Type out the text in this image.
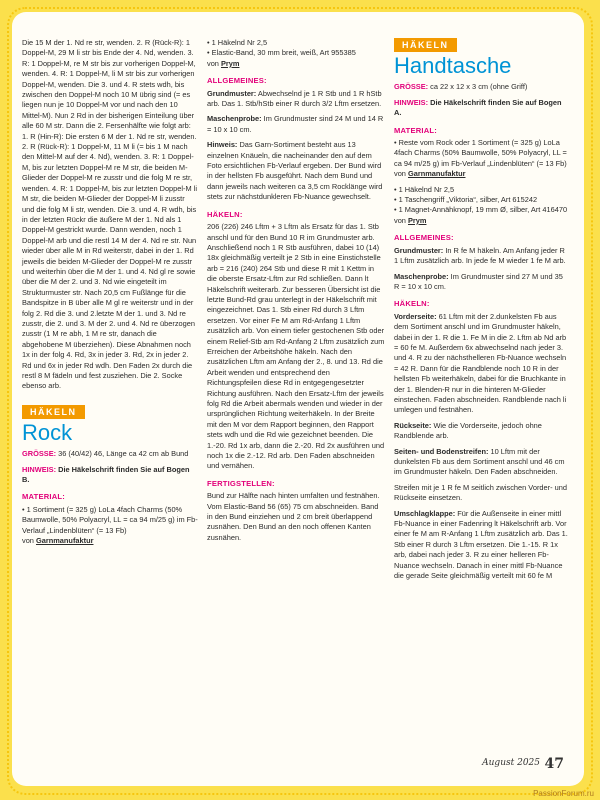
Die 15 M der 1. Nd re str, wenden. 2. R (Rück-R): 1 Doppel-M, 29 M li str bis Ende der 4. Nd, wenden. 3. R: 1 Doppel-M, re M str bis zur vorherigen Doppel-M, wenden. 4. R: 1 Doppel-M, li M str bis zur vorherigen Doppel-M, wenden. Die 3. und 4. R stets wdh, bis zwischen den Doppel-M noch 10 M übrig sind (= es liegen nun je 10 Doppel-M vor und nach den 10 Mittel-M). Nun 2 Rd in der bisherigen Einteilung über alle 60 M str. Dann die 2. Fersenhälfte wie folgt arb: 1. R (Hin-R): Die ersten 6 M der 1. Nd re str, wenden. 2. R (Rück-R): 1 Doppel-M, 11 M li (= bis 1 M nach den Mittel-M auf der 4. Nd), wenden. 3. R: 1 Doppel-M, bis zur letzten Doppel-M re M str, die beiden M-Glieder der Doppel-M re zusstr und die folg M re str, wenden. 4. R: 1 Doppel-M, bis zur letzten Doppel-M li M str, die beiden M-Glieder der Doppel-M li zusstr und die folg M li str, wenden. Die 3. und 4. R wdh, bis in der letzten Rückr die äußere M der 1. Nd als 1 Doppel-M gestrickt wurde. Dann wenden, noch 1 Doppel-M arb und die restl 14 M der 4. Nd re str. Nun wieder über alle M in Rd weiterstr, dabei in der 1. Rd jeweils die beiden M-Glieder der Doppel-M re zusstr und weiterhin über die M der 1. und 4. Nd gl re sowie über die M der 2. und 3. Nd wie eingeteilt im Strukturmuster str. Nach 20,5 cm Fußlänge für die Bandspitze in B über alle M gl re weiterstr und in der folg 2. Rd die 3. und 2.letzte M der 1. und 3. Nd re zusstr, die 2. und 3. M der 2. und 4. Nd re überzogen zusstr (1 M re abh, 1 M re str, danach die abgehobene M überziehen). Diese Abnahmen noch 1x in der folg 4. Rd, 3x in jeder 3. Rd, 2x in jeder 2. Rd und 6x in jeder Rd wdh. Den Faden 2x durch die restl 8 M fädeln und fest zusziehen. Die 2. Socke ebenso arb.

HÄKELN
Rock

GRÖSSE: 36 (40/42) 46, Länge ca 42 cm ab Bund

HINWEIS: Die Häkelschrift finden Sie auf Bogen B.

MATERIAL:

• 1 Sortiment (= 325 g) LoLa 4fach Charms (50% Baumwolle, 50% Polyacryl, LL = ca 94 m/25 g) im Fb-Verlauf „Lindenblüten“ (= 13 Fb)
von Garnmanufaktur

• 1 Häkelnd Nr 2,5
• Elastic-Band, 30 mm breit, weiß, Art 955385

von Prym

ALLGEMEINES:

Grundmuster: Abwechselnd je 1 R Stb und 1 R hStb arb. Das 1. Stb/hStb einer R durch 3/2 Lftm ersetzen.

Maschenprobe: Im Grundmuster sind 24 M und 14 R = 10 x 10 cm.

Hinweis: Das Garn-Sortiment besteht aus 13 einzelnen Knäueln, die nacheinander den auf dem Foto ersichtlichen Fb-Verlauf ergeben. Der Bund wird in der hellsten Fb ausgeführt. Nach dem Bund und dann jeweils nach weiteren ca 3,5 cm Rocklänge wird stets zur nächstdunkleren Fb-Nuance gewechselt.

HÄKELN:

206 (226) 246 Lftm + 3 Lftm als Ersatz für das 1. Stb anschl und für den Bund 10 R im Grundmuster arb. Anschließend noch 1 R Stb ausführen, dabei 10 (14) 18x gleichmäßig verteilt je 2 Stb in eine Einstichstelle arb = 216 (240) 264 Stb und diese R mit 1 Kettm in die oberste Ersatz-Lftm zur Rd schließen. Dann lt Häkelschrift weiterarb. Zur besseren Übersicht ist die letzte Bund-Rd grau unterlegt in der Häkelschrift mit eingezeichnet. Das 1. Stb einer Rd durch 3 Lftm ersetzen. Vor einer Fe M am Rd-Anfang 1 Lftm zusätzlich arb. Von einem tiefer gestochenen Stb oder einem Relief-Stb am Rd-Anfang 2 Lftm zusätzlich zum Erreichen der Arbeitshöhe häkeln. Nach den zusätzlichen Lftm am Anfang der 2., 8. und 13. Rd die Arbeit wenden und entsprechend den Richtungspfeilen diese Rd in entgegengesetzter Richtung ausführen. Nach den Ersatz-Lftm der jeweils folg Rd die Arbeit abermals wenden und wieder in der ursprünglichen Richtung weiterhäkeln. In der Breite mit den M vor dem Rapport beginnen, den Rapport stets wdh und die Rd wie gezeichnet beenden. Die 1.-20. Rd 1x arb, dann die 2.-20. Rd 2x ausführen und noch 1x die 2.-12. Rd arb. Den Faden abschneiden und vernähen.

FERTIGSTELLEN:

Bund zur Hälfte nach hinten umfalten und festnähen. Vom Elastic-Band 56 (65) 75 cm abschneiden. Band in den Bund einziehen und 2 cm breit überlappend zusnähen. Den Bund an den noch offenen Kanten zusnähen.

HÄKELN
Handtasche

GRÖSSE: ca 22 x 12 x 3 cm (ohne Griff)

HINWEIS: Die Häkelschrift finden Sie auf Bogen A.

MATERIAL:

• Reste vom Rock oder 1 Sortiment (= 325 g) LoLa 4fach Charms (50% Baumwolle, 50% Polyacryl, LL = ca 94 m/25 g) im Fb-Verlauf „Lindenblüten“ (= 13 Fb)
von Garnmanufaktur

• 1 Häkelnd Nr 2,5
• 1 Taschengriff „Viktoria“, silber, Art 615242
• 1 Magnet-Annähknopf, 19 mm Ø, silber, Art 416470

von Prym

ALLGEMEINES:

Grundmuster: In R fe M häkeln. Am Anfang jeder R 1 Lftm zusätzlich arb. In jede fe M wieder 1 fe M arb.

Maschenprobe: Im Grundmuster sind 27 M und 35 R = 10 x 10 cm.

HÄKELN:

Vorderseite: 61 Lftm mit der 2.dunkelsten Fb aus dem Sortiment anschl und im Grundmuster häkeln, dabei in der 1. R die 1. Fe M in die 2. Lftm ab Nd arb = 60 fe M. Außerdem 6x abwechselnd nach jeder 3. und 4. R zu der nächsthelleren Fb-Nuance wechseln = 42 R. Dann für die Randblende noch 10 R in der hellsten Fb weiterhäkeln, dabei für die Bruchkante in der 1. Blenden-R nur in die hinteren M-Glieder einstechen. Faden abschneiden. Randblende nach li umlegen und festnähen.

Rückseite: Wie die Vorderseite, jedoch ohne Randblende arb.

Seiten- und Bodenstreifen: 10 Lftm mit der dunkelsten Fb aus dem Sortiment anschl und 46 cm im Grundmuster häkeln. Den Faden abschneiden.

Streifen mit je 1 R fe M seitlich zwischen Vorder- und Rückseite einsetzen.

Umschlagklappe: Für die Außenseite in einer mittl Fb-Nuance in einer Fadenring lt Häkelschrift arb. Vor einer fe M am R-Anfang 1 Lftm zusätzlich arb. Das 1. Stb einer R durch 3 Lftm ersetzen. Die 1.-15. R 1x arb, dabei nach jeder 3. R zu einer helleren Fb-Nuance wechseln. Danach in einer mittl Fb-Nuance die gerade Seite gleichmäßig verteilt mit 60 fe M

August 2025 47
PassionForum.ru
